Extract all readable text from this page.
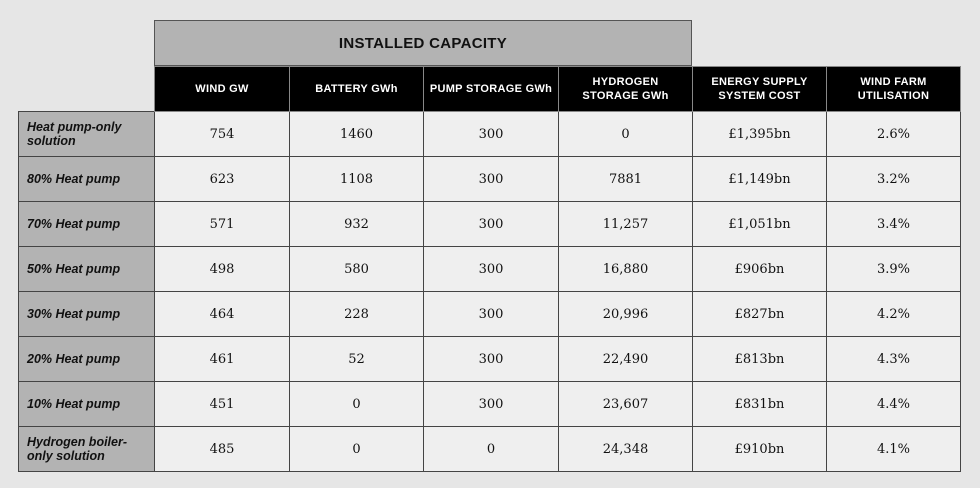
INSTALLED CAPACITY
	WIND GW	BATTERY GWh	PUMP STORAGE GWh	HYDROGEN STORAGE GWh	ENERGY SUPPLY SYSTEM COST	WIND FARM UTILISATION
Heat pump-only solution	754	1460	300	0	£1,395bn	2.6%
80% Heat pump	623	1108	300	7881	£1,149bn	3.2%
70% Heat pump	571	932	300	11,257	£1,051bn	3.4%
50% Heat pump	498	580	300	16,880	£906bn	3.9%
30% Heat pump	464	228	300	20,996	£827bn	4.2%
20% Heat pump	461	52	300	22,490	£813bn	4.3%
10% Heat pump	451	0	300	23,607	£831bn	4.4%
Hydrogen boiler-only solution	485	0	0	24,348	£910bn	4.1%
